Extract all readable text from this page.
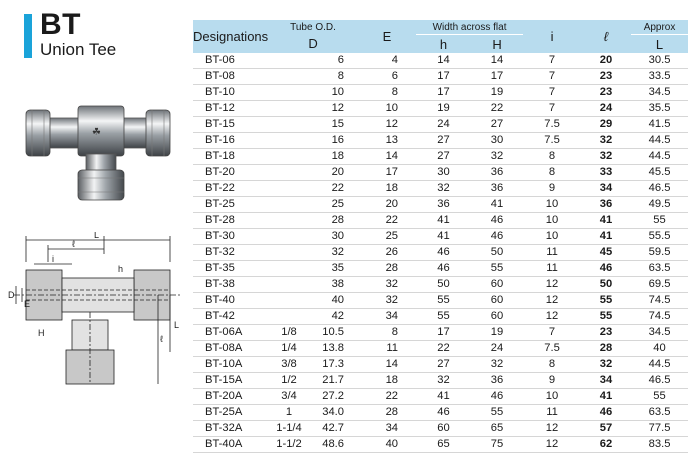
BT
Union Tee
☘
L
ℓ
i
h
D
E
H
ℓ
L
Designations	Tube O.D.		E	Width across flat		i	ℓ	Approx
	D			h	H			L
BT-06		6	4	14	14	7	20	30.5
BT-08		8	6	17	17	7	23	33.5
BT-10		10	8	17	19	7	23	34.5
BT-12		12	10	19	22	7	24	35.5
BT-15		15	12	24	27	7.5	29	41.5
BT-16		16	13	27	30	7.5	32	44.5
BT-18		18	14	27	32	8	32	44.5
BT-20		20	17	30	36	8	33	45.5
BT-22		22	18	32	36	9	34	46.5
BT-25		25	20	36	41	10	36	49.5
BT-28		28	22	41	46	10	41	55
BT-30		30	25	41	46	10	41	55.5
BT-32		32	26	46	50	11	45	59.5
BT-35		35	28	46	55	11	46	63.5
BT-38		38	32	50	60	12	50	69.5
BT-40		40	32	55	60	12	55	74.5
BT-42		42	34	55	60	12	55	74.5
BT-06A	1/8	10.5	8	17	19	7	23	34.5
BT-08A	1/4	13.8	11	22	24	7.5	28	40
BT-10A	3/8	17.3	14	27	32	8	32	44.5
BT-15A	1/2	21.7	18	32	36	9	34	46.5
BT-20A	3/4	27.2	22	41	46	10	41	55
BT-25A	1	34.0	28	46	55	11	46	63.5
BT-32A	1-1/4	42.7	34	60	65	12	57	77.5
BT-40A	1-1/2	48.6	40	65	75	12	62	83.5
